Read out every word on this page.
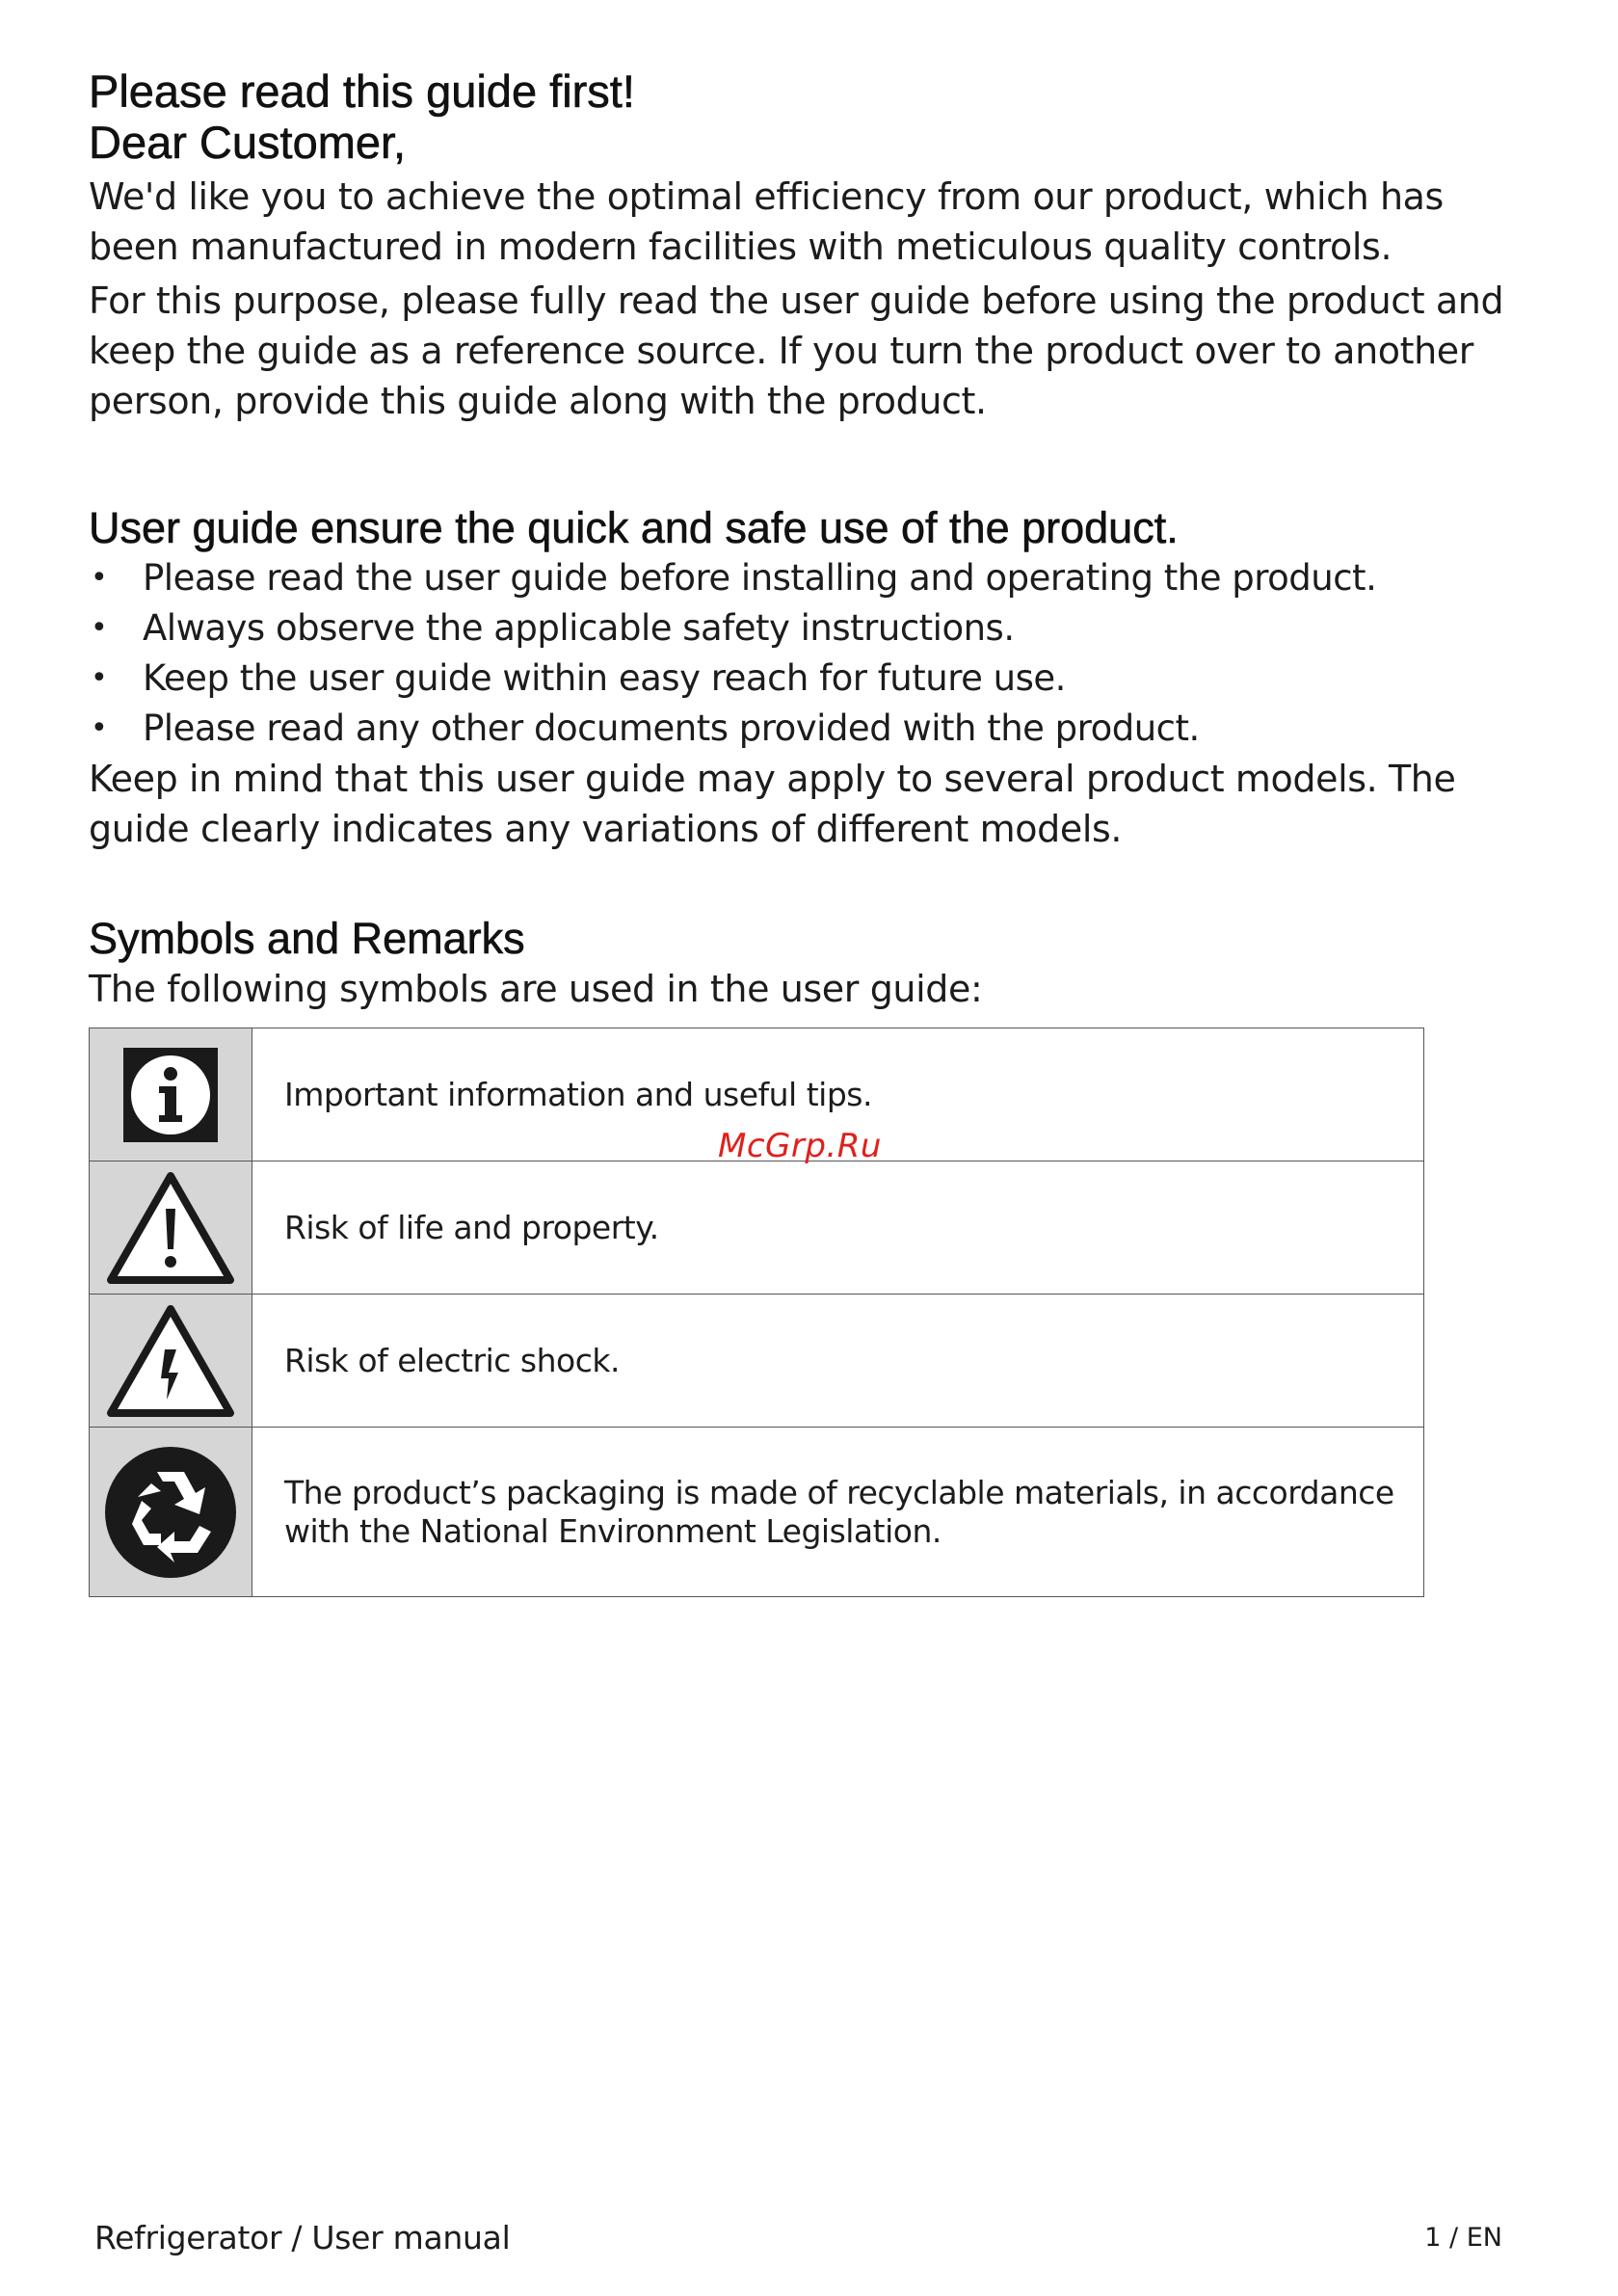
Please read this guide first!
Dear Customer,

We'd like you to achieve the optimal efficiency from our product, which has been manufactured in modern facilities with meticulous quality controls.

For this purpose, please fully read the user guide before using the product and keep the guide as a reference source. If you turn the product over to another person, provide this guide along with the product.

User guide ensure the quick and safe use of the product.
• Please read the user guide before installing and operating the product.
• Always observe the applicable safety instructions.
• Keep the user guide within easy reach for future use.
• Please read any other documents provided with the product.

Keep in mind that this user guide may apply to several product models. The guide clearly indicates any variations of different models.

Symbols and Remarks

The following symbols are used in the user guide:

	Important information and useful tips.

	Risk of life and property.

	Risk of electric shock.

	The product’s packaging is made of recyclable materials, in accordance with the National Environment Legislation.
McGrp.Ru
Refrigerator / User manual	1 / EN
